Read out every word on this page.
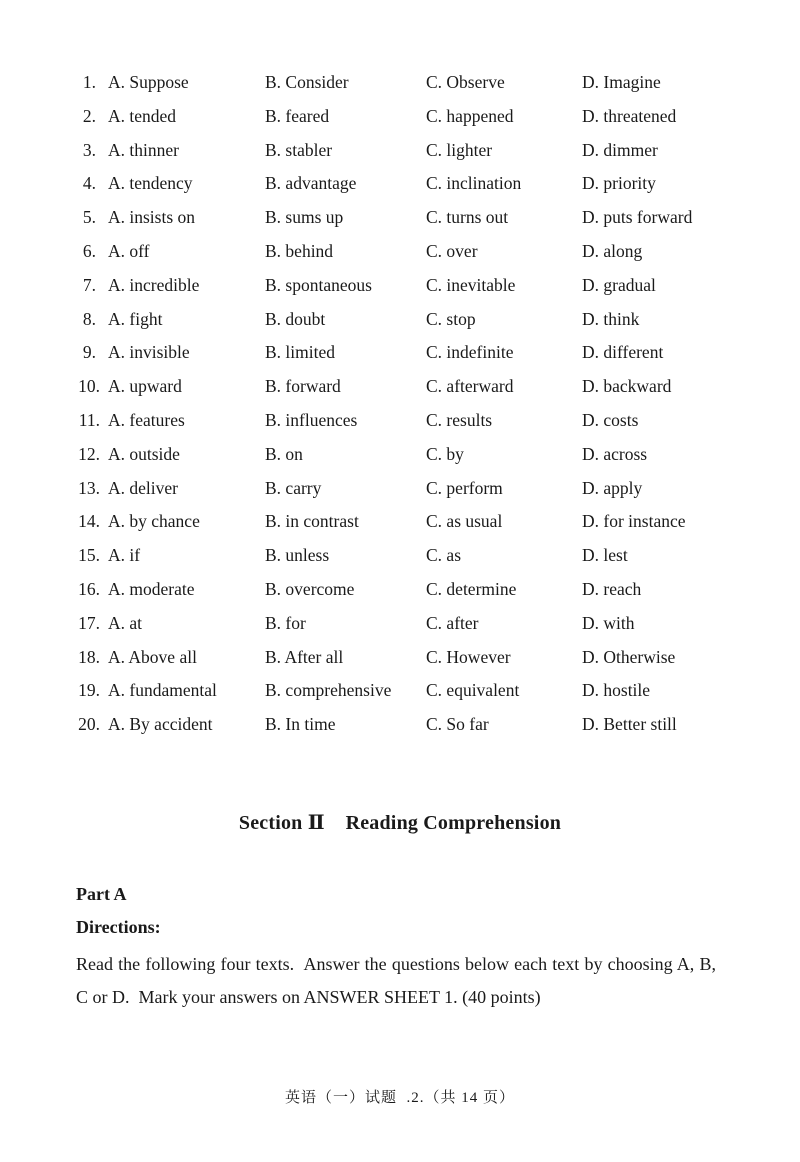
1. A. Suppose	B. Consider	C. Observe	D. Imagine
2. A. tended	B. feared	C. happened	D. threatened
3. A. thinner	B. stabler	C. lighter	D. dimmer
4. A. tendency	B. advantage	C. inclination	D. priority
5. A. insists on	B. sums up	C. turns out	D. puts forward
6. A. off	B. behind	C. over	D. along
7. A. incredible	B. spontaneous	C. inevitable	D. gradual
8. A. fight	B. doubt	C. stop	D. think
9. A. invisible	B. limited	C. indefinite	D. different
10. A. upward	B. forward	C. afterward	D. backward
11. A. features	B. influences	C. results	D. costs
12. A. outside	B. on	C. by	D. across
13. A. deliver	B. carry	C. perform	D. apply
14. A. by chance	B. in contrast	C. as usual	D. for instance
15. A. if	B. unless	C. as	D. lest
16. A. moderate	B. overcome	C. determine	D. reach
17. A. at	B. for	C. after	D. with
18. A. Above all	B. After all	C. However	D. Otherwise
19. A. fundamental	B. comprehensive C. equivalent	D. hostile
20. A. By accident	B. In time	C. So far	D. Better still
Section Ⅱ    Reading Comprehension
Part A
Directions:
Read the following four texts.  Answer the questions below each text by choosing A, B, C or D.  Mark your answers on ANSWER SHEET 1. (40 points)
英语（一）试题  .2.（共 14 页）
